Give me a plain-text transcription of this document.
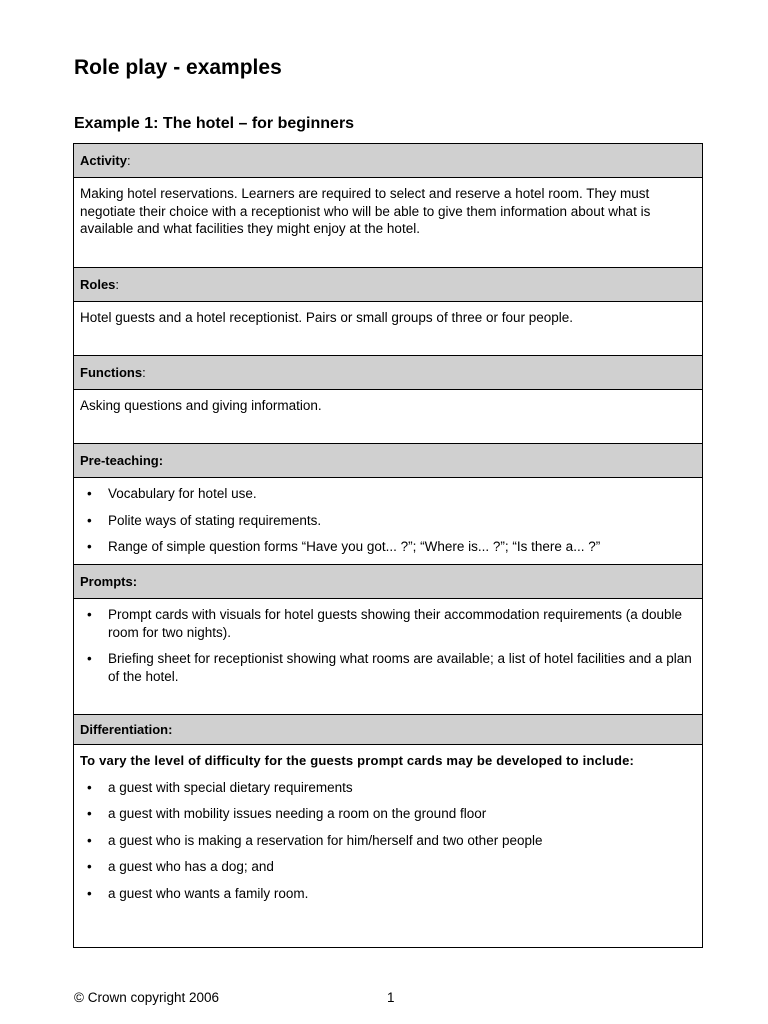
Role play - examples
Example 1: The hotel – for beginners
Activity :

Making hotel reservations. Learners are required to select and reserve a hotel room. They must negotiate their choice with a receptionist who will be able to give them information about what is available and what facilities they might enjoy at the hotel.

Roles :

Hotel guests and a hotel receptionist. Pairs or small groups of three or four people.

Functions :

Asking questions and giving information.

Pre-teaching:
• Vocabulary for hotel use.
• Polite ways of stating requirements.
• Range of simple question forms “Have you got... ?”; “Where is... ?”; “Is there a... ?”
Prompts:
• Prompt cards with visuals for hotel guests showing their accommodation requirements (a double room for two nights).
• Briefing sheet for receptionist showing what rooms are available; a list of hotel facilities and a plan of the hotel.
Differentiation:

To vary the level of difficulty for the guests prompt cards may be developed to include:

• a guest with special dietary requirements
• a guest with mobility issues needing a room on the ground floor
• a guest who is making a reservation for him/herself and two other people
• a guest who has a dog; and
• a guest who wants a family room.
© Crown copyright 2006	1
